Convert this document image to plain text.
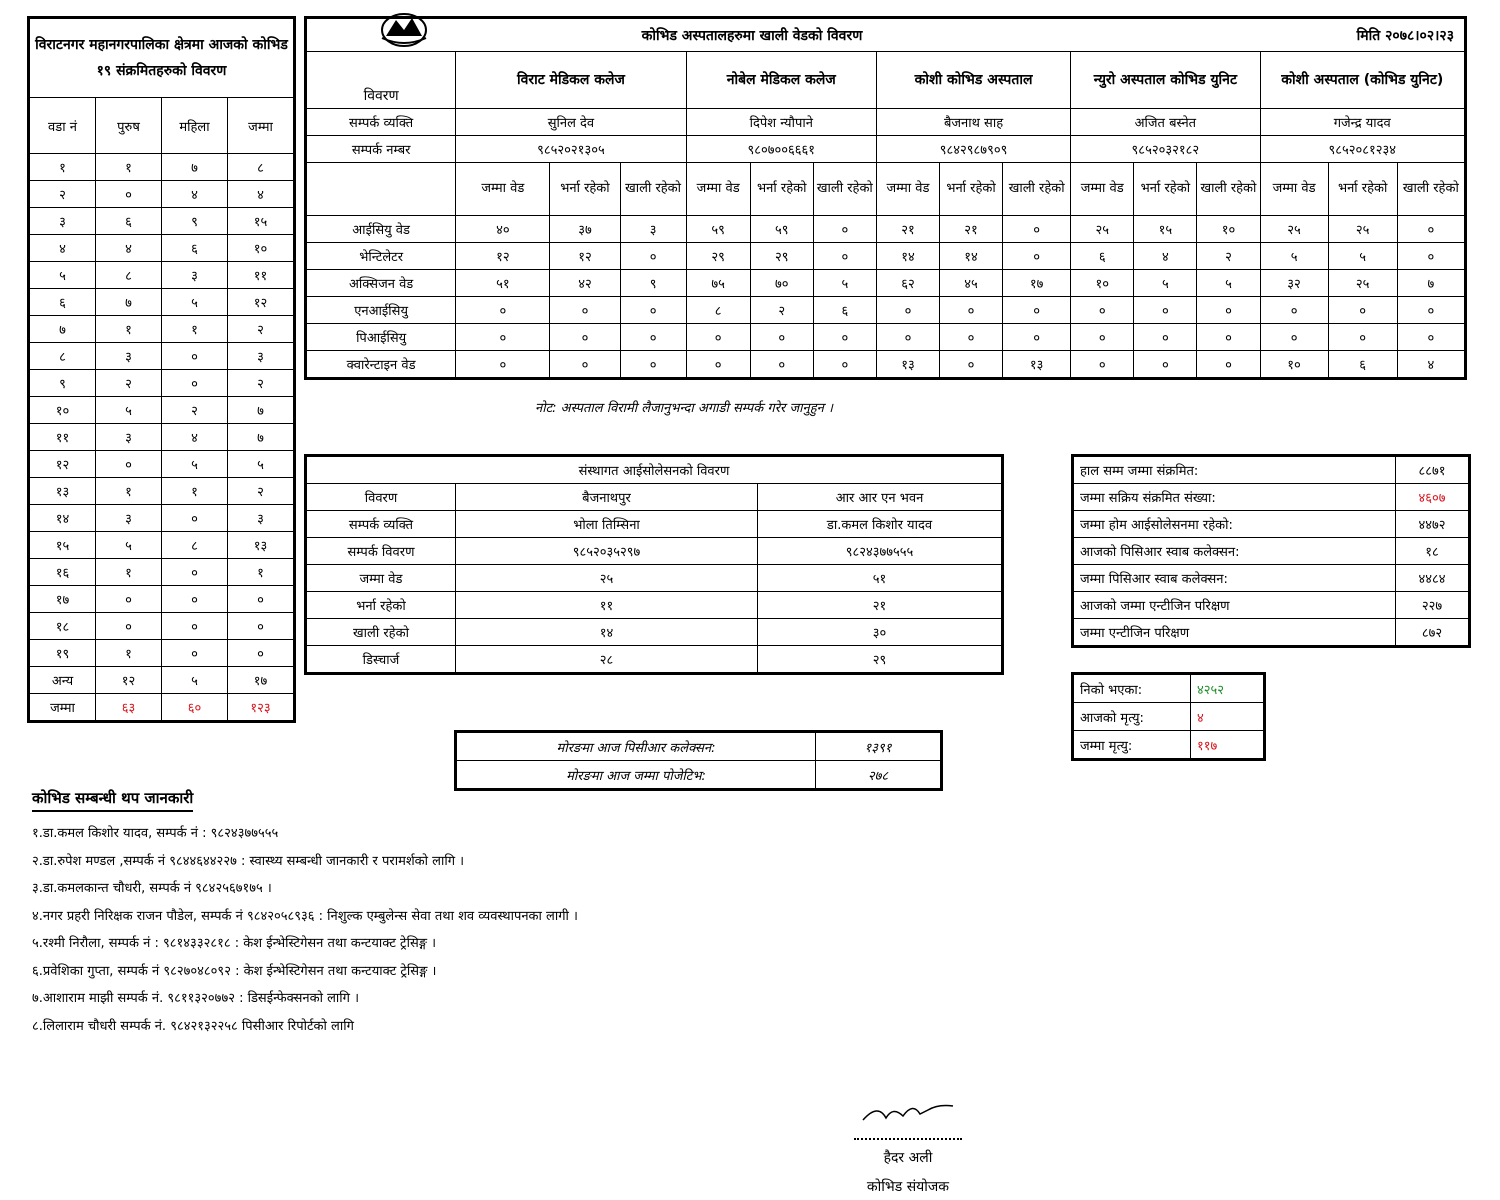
विराटनगर महानगरपालिका क्षेत्रमा आजको कोभिड १९ संक्रमितहरुको विवरण			
वडा नं	पुरुष	महिला	जम्मा
१	१	७	८
२	०	४	४
३	६	९	१५
४	४	६	१०
५	८	३	११
६	७	५	१२
७	१	१	२
८	३	०	३
९	२	०	२
१०	५	२	७
११	३	४	७
१२	०	५	५
१३	१	१	२
१४	३	०	३
१५	५	८	१३
१६	१	०	१
१७	०	०	०
१८	०	०	०
१९	१	०	०
अन्य	१२	५	१७
जम्मा	६३	६०	१२३
कोभिड अस्पतालहरुमा खाली वेडको विवरण												मिति २०७८।०२।२३			
विवरण	विराट मेडिकल कलेज			नोबेल मेडिकल कलेज			कोशी कोभिड अस्पताल			न्युरो अस्पताल कोभिड युनिट			कोशी अस्पताल (कोभिड युनिट)		
सम्पर्क व्यक्ति	सुनिल देव			दिपेश न्यौपाने			बैजनाथ साह			अजित बस्नेत			गजेन्द्र यादव		
सम्पर्क नम्बर	९८५२०२१३०५			९८०७००६६६१			९८४२९८७९०९			९८५२०३२१८२			९८५२०८१२३४		
	जम्मा वेड	भर्ना रहेको	खाली रहेको	जम्मा वेड	भर्ना रहेको	खाली रहेको	जम्मा वेड	भर्ना रहेको	खाली रहेको	जम्मा वेड	भर्ना रहेको	खाली रहेको	जम्मा वेड	भर्ना रहेको	खाली रहेको
आईसियु वेड	४०	३७	३	५९	५९	०	२१	२१	०	२५	१५	१०	२५	२५	०
भेन्टिलेटर	१२	१२	०	२९	२९	०	१४	१४	०	६	४	२	५	५	०
अक्सिजन वेड	५१	४२	९	७५	७०	५	६२	४५	१७	१०	५	५	३२	२५	७
एनआईसियु	०	०	०	८	२	६	०	०	०	०	०	०	०	०	०
पिआईसियु	०	०	०	०	०	०	०	०	०	०	०	०	०	०	०
क्वारेन्टाइन वेड	०	०	०	०	०	०	१३	०	१३	०	०	०	१०	६	४
नोट: अस्पताल विरामी लैजानुभन्दा अगाडी सम्पर्क गरेर जानुहुन ।
संस्थागत आईसोलेसनको विवरण		
विवरण	बैजनाथपुर	आर आर एन भवन
सम्पर्क व्यक्ति	भोला तिम्सिना	डा.कमल किशोर यादव
सम्पर्क विवरण	९८५२०३५२९७	९८२४३७७५५५
जम्मा वेड	२५	५१
भर्ना रहेको	११	२१
खाली रहेको	१४	३०
डिस्चार्ज	२८	२९
हाल सम्म जम्मा संक्रमित:	८८७१
जम्मा सक्रिय संक्रमित संख्या:	४६०७
जम्मा होम आईसोलेसनमा रहेको:	४४७२
आजको पिसिआर स्वाब कलेक्सन:	१८
जम्मा पिसिआर स्वाब कलेक्सन:	४४८४
आजको जम्मा एन्टीजिन परिक्षण	२२७
जम्मा एन्टीजिन परिक्षण	८७२
निको भएका:	४२५२
आजको मृत्यु:	४
जम्मा मृत्यु:	११७
मोरङमा आज पिसीआर कलेक्सन:	१३९१
मोरङमा आज जम्मा पोजेटिभ:	२७८
कोभिड सम्बन्धी थप जानकारी
१.डा.कमल किशोर यादव, सम्पर्क नं : ९८२४३७७५५५
२.डा.रुपेश मण्डल ,सम्पर्क नं ९८४४६४४२२७ : स्वास्थ्य सम्बन्धी जानकारी र परामर्शको लागि ।
३.डा.कमलकान्त चौधरी, सम्पर्क नं ९८४२५६७१७५ ।
४.नगर प्रहरी निरिक्षक राजन पौडेल, सम्पर्क नं ९८४२०५८९३६ : निशुल्क एम्बुलेन्स सेवा तथा शव व्यवस्थापनका लागी ।
५.रश्मी निरौला, सम्पर्क नं : ९८१४३३२८१८ : केश ईन्भेस्टिगेसन तथा कन्टयाक्ट ट्रेसिङ्ग ।
६.प्रवेशिका गुप्ता, सम्पर्क नं ९८२७०४८०९२ : केश ईन्भेस्टिगेसन तथा कन्टयाक्ट ट्रेसिङ्ग ।
७.आशाराम माझी सम्पर्क नं. ९८११३२०७७२ : डिसईन्फेक्सनको लागि ।
८.लिलाराम चौधरी सम्पर्क नं. ९८४२१३२२५८ पिसीआर रिपोर्टको लागि
हैदर अली
कोभिड संयोजक
